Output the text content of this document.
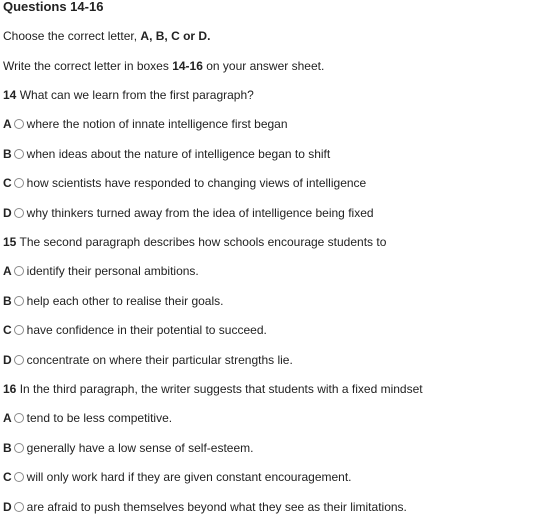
Questions 14-16
Choose the correct letter, A, B, C or D.
Write the correct letter in boxes 14-16 on your answer sheet.
14 What can we learn from the first paragraph?
A where the notion of innate intelligence first began
B when ideas about the nature of intelligence began to shift
C how scientists have responded to changing views of intelligence
D why thinkers turned away from the idea of intelligence being fixed
15 The second paragraph describes how schools encourage students to
A identify their personal ambitions.
B help each other to realise their goals.
C have confidence in their potential to succeed.
D concentrate on where their particular strengths lie.
16 In the third paragraph, the writer suggests that students with a fixed mindset
A tend to be less competitive.
B generally have a low sense of self-esteem.
C will only work hard if they are given constant encouragement.
D are afraid to push themselves beyond what they see as their limitations.
